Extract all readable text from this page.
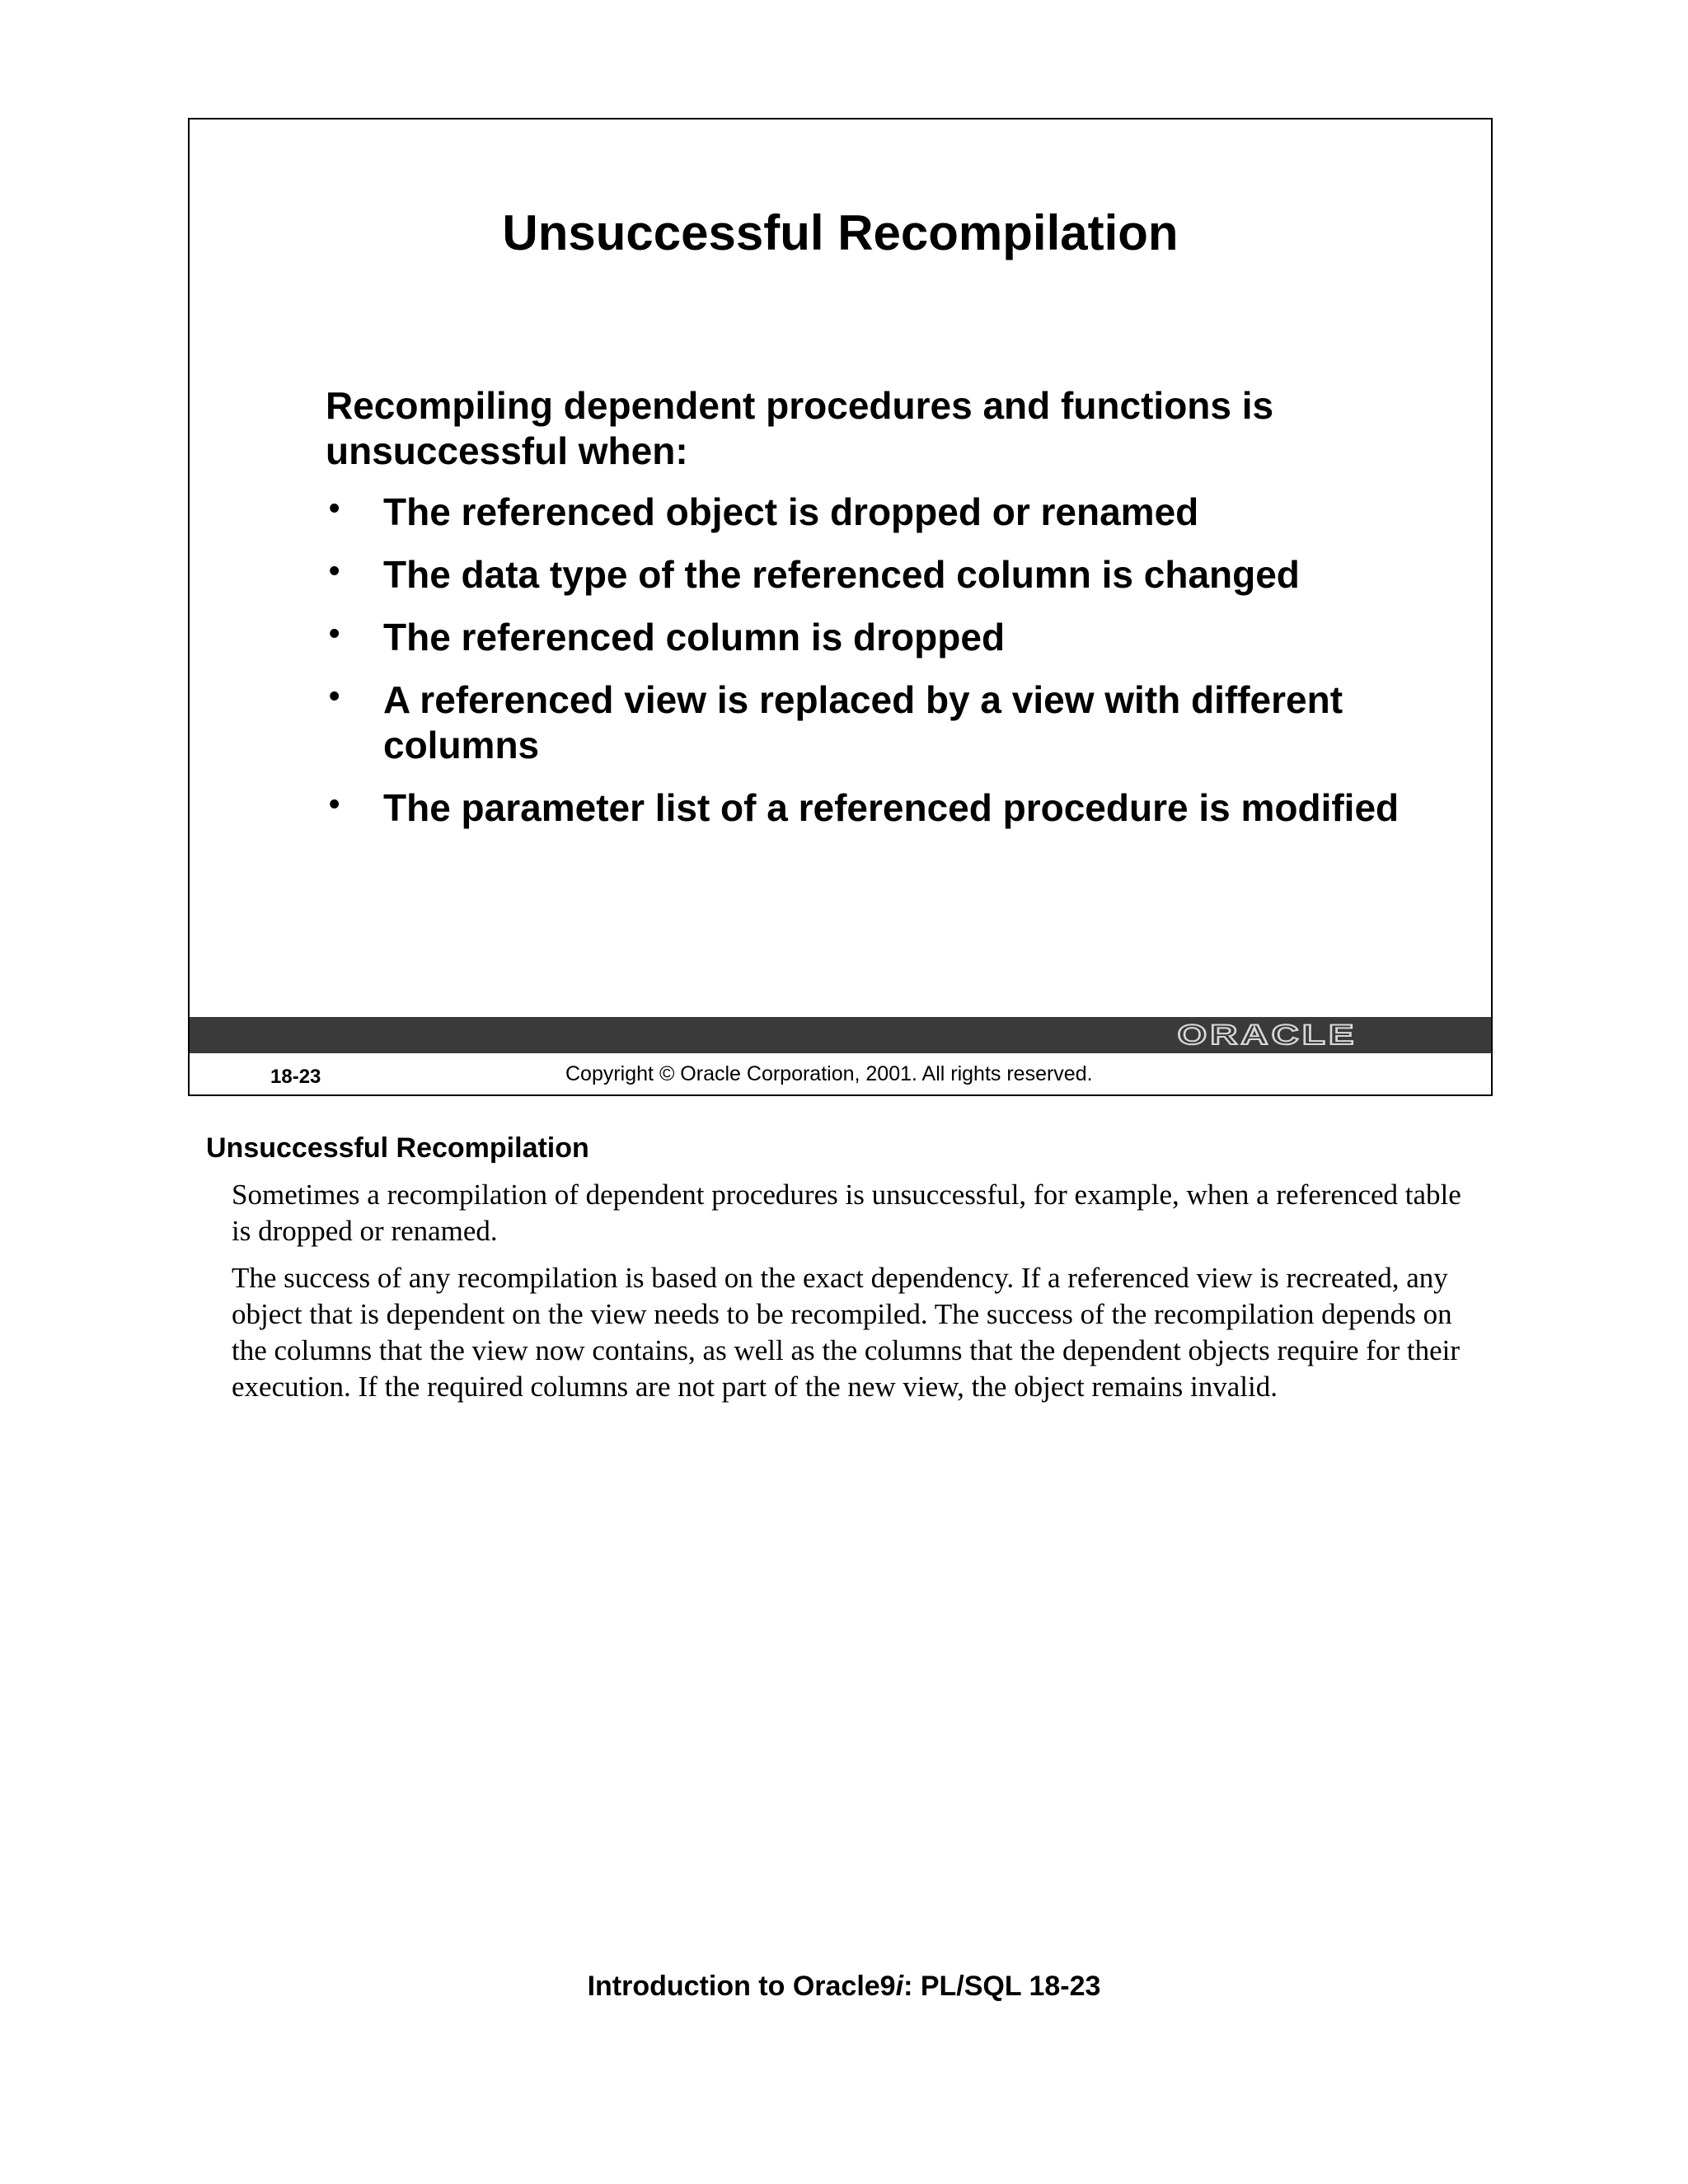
Unsuccessful Recompilation

Recompiling dependent procedures and functions is unsuccessful when:

• The referenced object is dropped or renamed
• The data type of the referenced column is changed
• The referenced column is dropped
• A referenced view is replaced by a view with different columns
• The parameter list of a referenced procedure is modified
ORACLE
18-23	Copyright © Oracle Corporation, 2001. All rights reserved.
Unsuccessful Recompilation

Sometimes a recompilation of dependent procedures is unsuccessful, for example, when a referenced table is dropped or renamed.

The success of any recompilation is based on the exact dependency. If a referenced view is recreated, any object that is dependent on the view needs to be recompiled. The success of the recompilation depends on the columns that the view now contains, as well as the columns that the dependent objects require for their execution. If the required columns are not part of the new view, the object remains invalid.

Introduction to Oracle9i: PL/SQL 18-23
